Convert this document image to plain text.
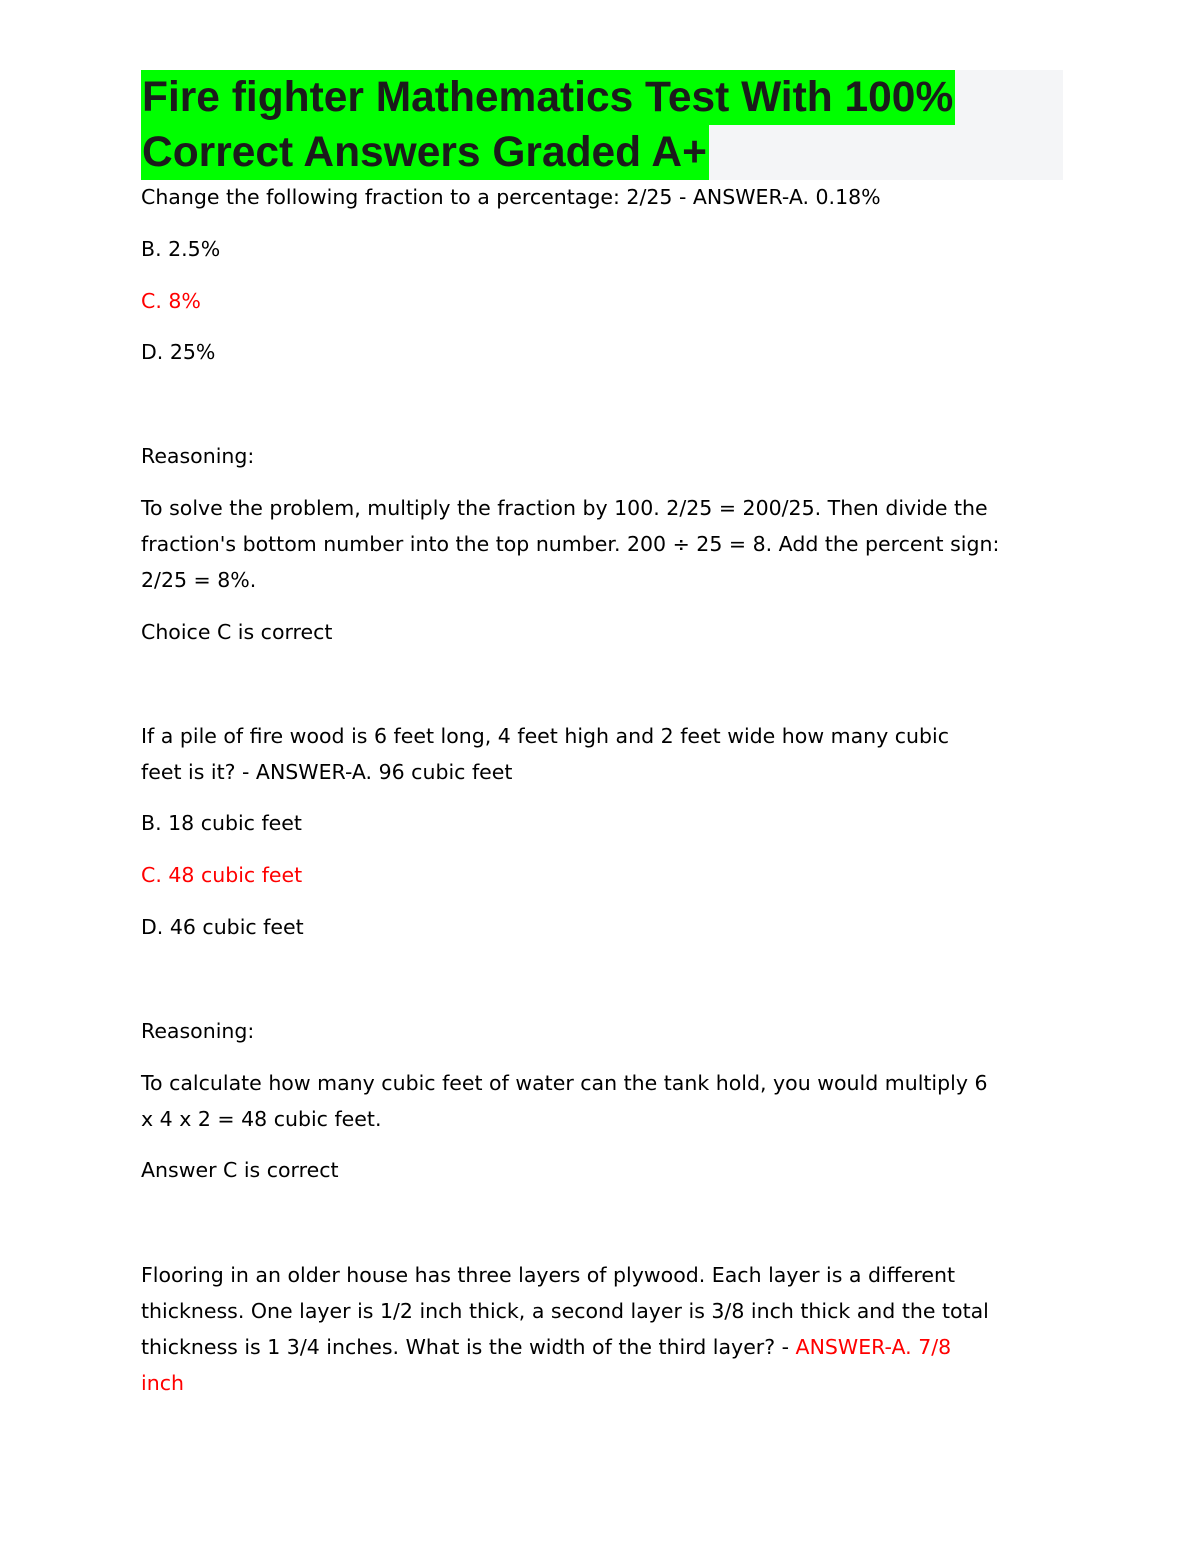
Fire fighter Mathematics Test With 100%
Correct Answers Graded A+
Change the following fraction to a percentage: 2/25 - ANSWER-A. 0.18%
B. 2.5%
C. 8%
D. 25%
Reasoning:
To solve the problem, multiply the fraction by 100. 2/25 = 200/25. Then divide the
fraction's bottom number into the top number. 200 ÷ 25 = 8. Add the percent sign:
2/25 = 8%.
Choice C is correct
If a pile of fire wood is 6 feet long, 4 feet high and 2 feet wide how many cubic
feet is it? - ANSWER-A. 96 cubic feet
B. 18 cubic feet
C. 48 cubic feet
D. 46 cubic feet
Reasoning:
To calculate how many cubic feet of water can the tank hold, you would multiply 6
x 4 x 2 = 48 cubic feet.
Answer C is correct
Flooring in an older house has three layers of plywood. Each layer is a different
thickness. One layer is 1/2 inch thick, a second layer is 3/8 inch thick and the total
thickness is 1 3/4 inches. What is the width of the third layer? - ANSWER-A. 7/8
inch
